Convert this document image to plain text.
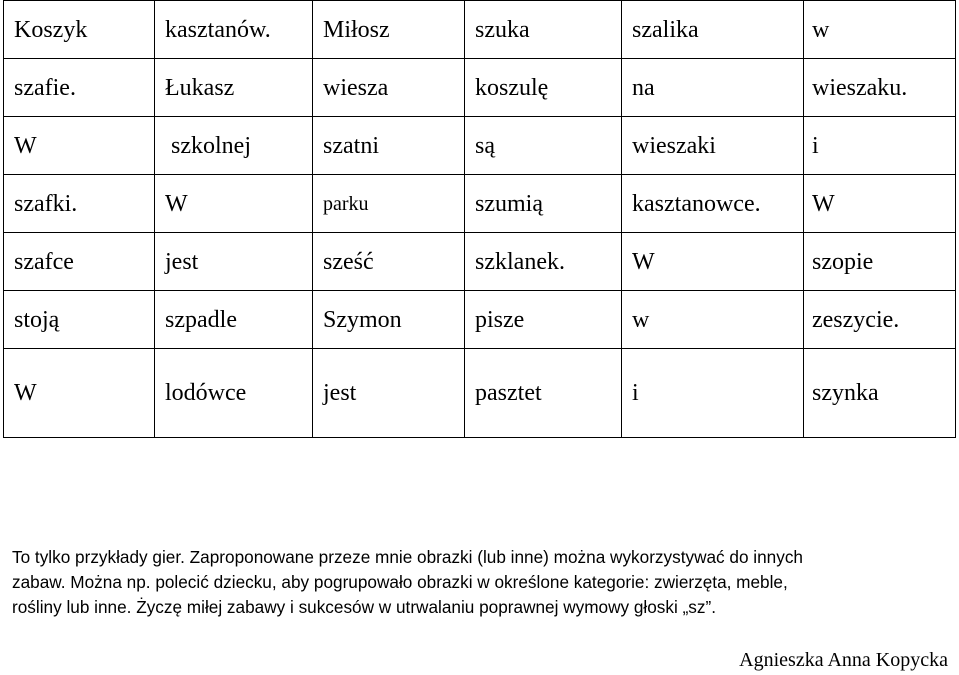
Koszyk	kasztanów.	Miłosz	szuka	szalika	w
szafie.	Łukasz	wiesza	koszulę	na	wieszaku.
W	szkolnej	szatni	są	wieszaki	i
szafki.	W	parku	szumią	kasztanowce.	W
szafce	jest	sześć	szklanek.	W	szopie
stoją	szpadle	Szymon	pisze	w	zeszycie.
W	lodówce	jest	pasztet	i	szynka

To tylko przykłady gier. Zaproponowane przeze mnie obrazki (lub inne) można wykorzystywać do innych

zabaw. Można np. polecić dziecku, aby pogrupowało obrazki w określone kategorie: zwierzęta, meble,

rośliny lub inne. Życzę miłej zabawy i sukcesów w utrwalaniu poprawnej wymowy głoski „sz”.

Agnieszka Anna Kopycka
